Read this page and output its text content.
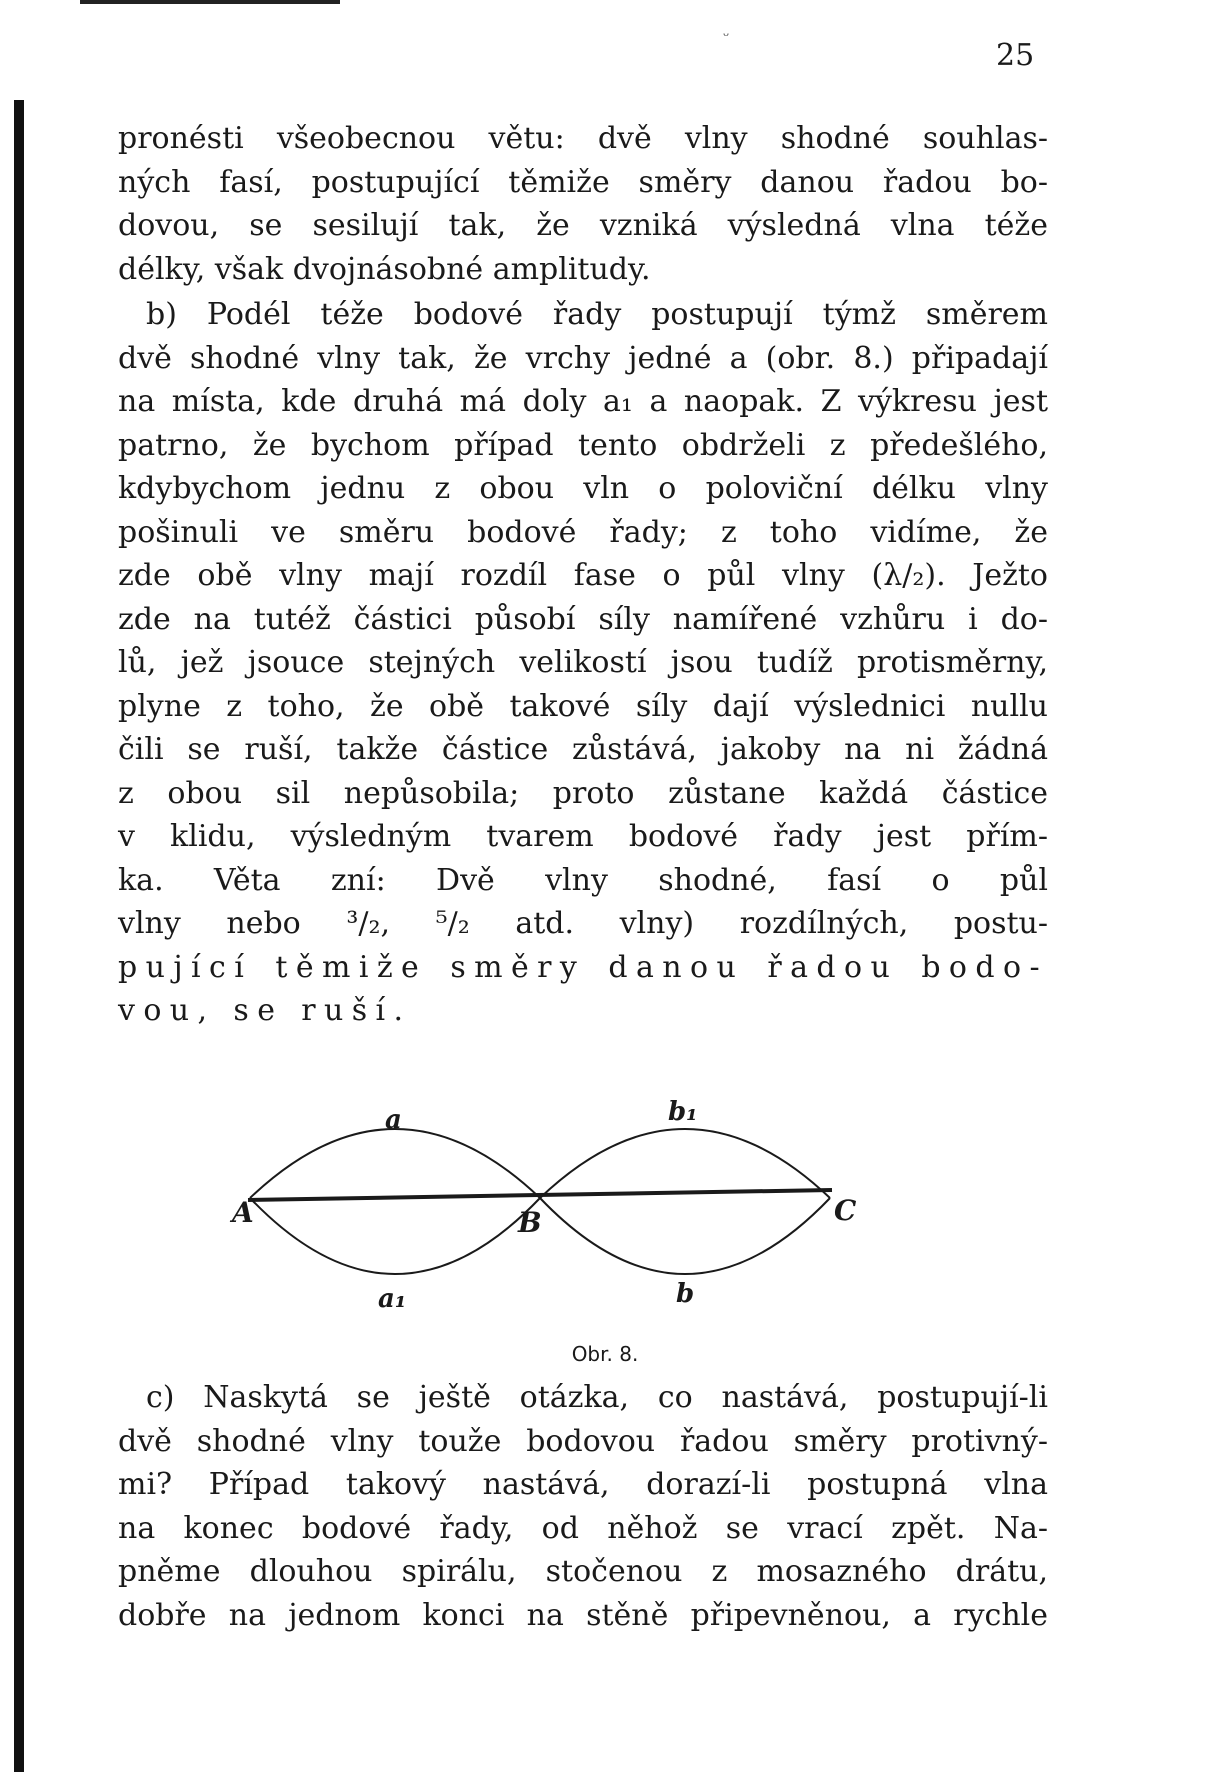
ᵕ
25
pronésti všeobecnou větu: dvě vlny shodné souhlas-
ných fasí, postupující těmiže směry danou řadou bo-
dovou, se sesilují tak, že vzniká výsledná vlna téže
délky, však dvojnásobné amplitudy.
b) Podél téže bodové řady postupují týmž směrem
dvě shodné vlny tak, že vrchy jedné a (obr. 8.) připadají
na místa, kde druhá má doly a₁ a naopak. Z výkresu jest
patrno, že bychom případ tento obdrželi z předešlého,
kdybychom jednu z obou vln o poloviční délku vlny
pošinuli ve směru bodové řady; z toho vidíme, že
zde obě vlny mají rozdíl fase o půl vlny (λ/₂). Ježto
zde na tutéž částici působí síly namířené vzhůru i do-
lů, jež jsouce stejných velikostí jsou tudíž protisměrny,
plyne z toho, že obě takové síly dají výslednici nullu
čili se ruší, takže částice zůstává, jakoby na ni žádná
z obou sil nepůsobila; proto zůstane každá částice
v klidu, výsledným tvarem bodové řady jest přím-
ka. Věta zní: Dvě vlny shodné, fasí o půl
vlny nebo ³/₂, ⁵/₂ atd. vlny) rozdílných, postu-
pující těmiže směry danou řadou bodo-
vou, se ruší.
A	B	C
a
a₁
b₁
b
Obr. 8.
c) Naskytá se ještě otázka, co nastává, postupují-li
dvě shodné vlny touže bodovou řadou směry protivný-
mi? Případ takový nastává, dorazí-li postupná vlna
na konec bodové řady, od něhož se vrací zpět. Na-
pněme dlouhou spirálu, stočenou z mosazného drátu,
dobře na jednom konci na stěně připevněnou, a rychle
